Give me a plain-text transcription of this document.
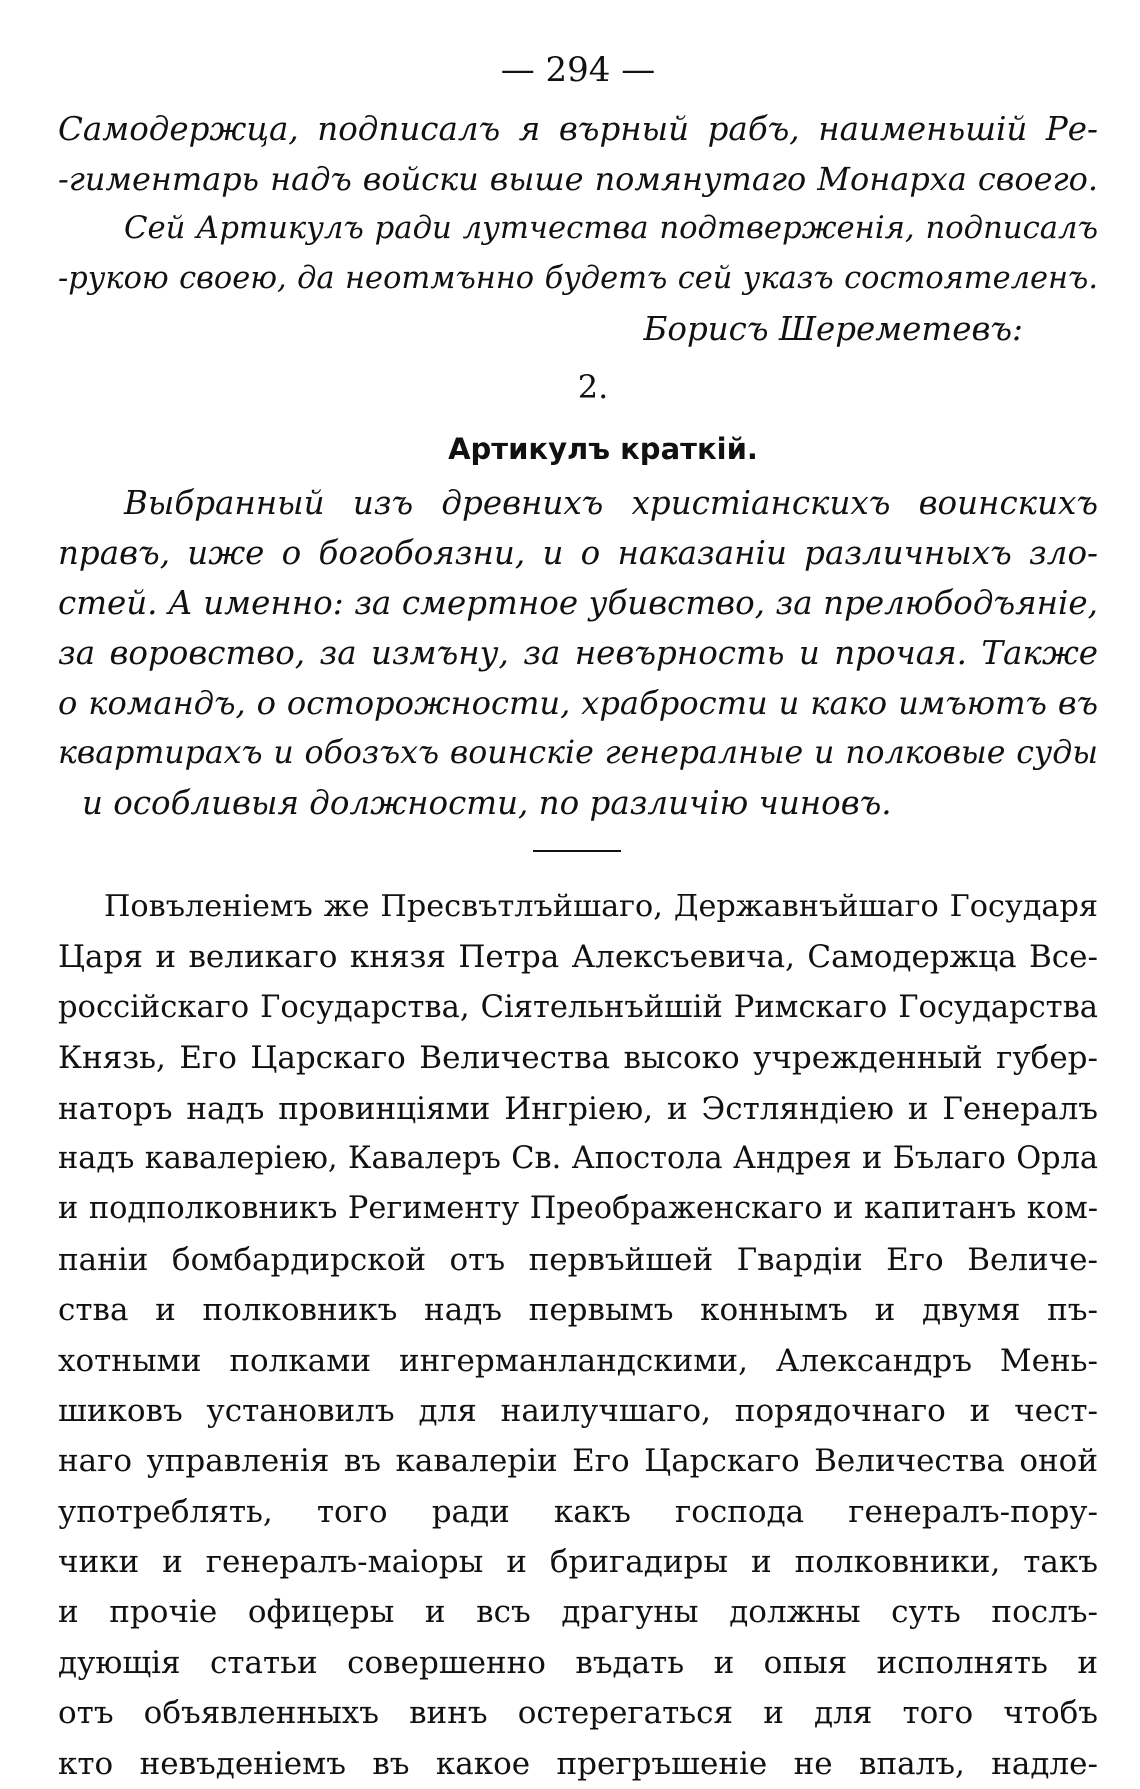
— 294 —
Самодержца, подписалъ я върный рабъ, наименьшій Ре-
-гиментарь надъ войски выше помянутаго Монарха своего.
Сей Артикулъ ради лутчества подтверженія, подписалъ
-рукою своею, да неотмънно будетъ сей указъ состоятеленъ.
Борисъ Шереметевъ:
2.
Артикулъ краткій.
Выбранный изъ древнихъ христіанскихъ воинскихъ
правъ, иже о богобоязни, и о наказаніи различныхъ зло-
стей. А именно: за смертное убивство, за прелюбодъяніе,
за воровство, за измъну, за невърность и прочая. Также
о командъ, о осторожности, храбрости и како имъютъ въ
квартирахъ и обозъхъ воинскіе генералные и полковые суды
и особливыя должности, по различію чиновъ.
Повъленіемъ же Пресвътлъйшаго, Державнъйшаго Государя
Царя и великаго князя Петра Алексъевича, Самодержца Все-
россійскаго Государства, Сіятельнъйшій Римскаго Государства
Князь, Его Царскаго Величества высоко учрежденный губер-
наторъ надъ провинціями Ингріею, и Эстляндіею и Генералъ
надъ кавалеріею, Кавалеръ Св. Апостола Андрея и Бълаго Орла
и подполковникъ Регименту Преображенскаго и капитанъ ком-
паніи бомбардирской отъ первъйшей Гвардіи Его Величе-
ства и полковникъ надъ первымъ коннымъ и двумя пъ-
хотными полками ингерманландскими, Александръ Мень-
шиковъ установилъ для наилучшаго, порядочнаго и чест-
наго управленія въ кавалеріи Его Царскаго Величества оной
употреблять, того ради какъ господа генералъ-пору-
чики и генералъ-маіоры и бригадиры и полковники, такъ
и прочіе офицеры и всъ драгуны должны суть послъ-
дующія статьи совершенно въдать и опыя исполнять и
отъ объявленныхъ винъ остерегаться и для того чтобъ
кто невъденіемъ въ какое прегръшеніе не впалъ, надле-
